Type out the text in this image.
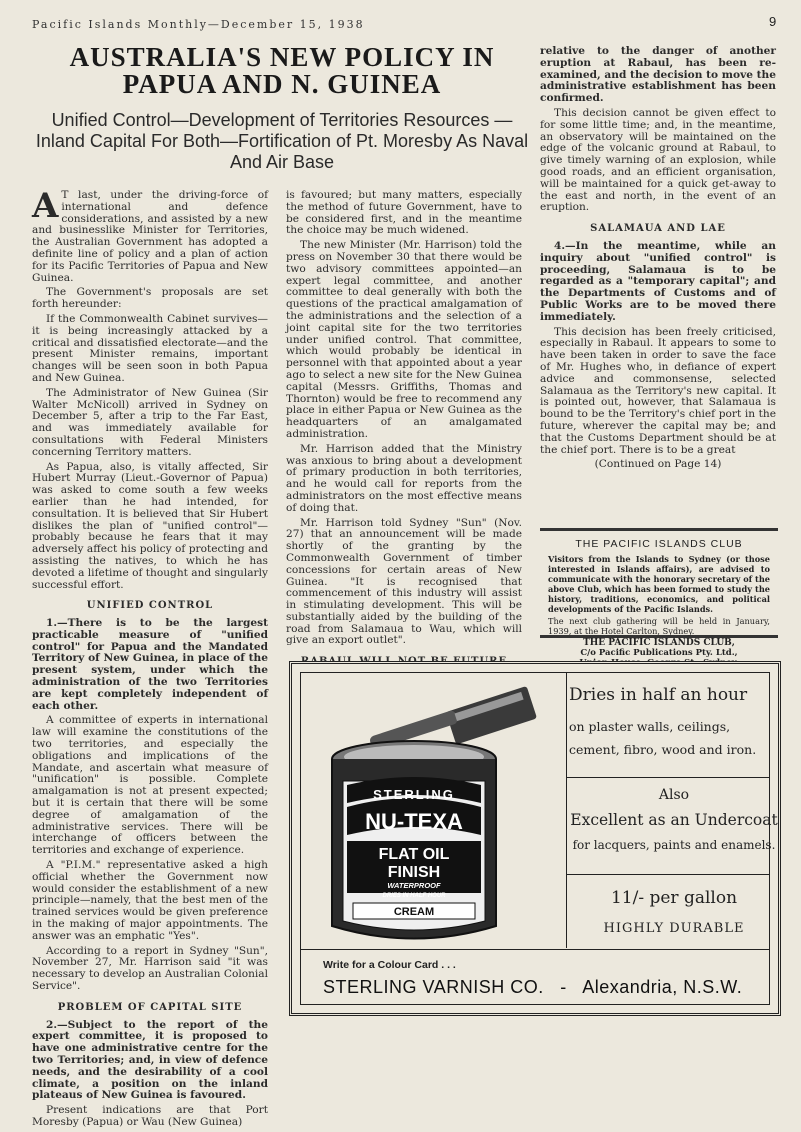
Pacific Islands Monthly—December 15, 1938	9
AUSTRALIA'S NEW POLICY IN PAPUA AND N. GUINEA
Unified Control—Development of Territories Resources —Inland Capital For Both—Fortification of Pt. Moresby As Naval And Air Base

A T last, under the driving-force of international and defence considerations, and assisted by a new and businesslike Minister for Territories, the Australian Government has adopted a definite line of policy and a plan of action for its Pacific Territories of Papua and New Guinea.

The Government's proposals are set forth hereunder:

If the Commonwealth Cabinet survives—it is being increasingly attacked by a critical and dissatisfied electorate—and the present Minister remains, important changes will be seen soon in both Papua and New Guinea.

The Administrator of New Guinea (Sir Walter McNicoll) arrived in Sydney on December 5, after a trip to the Far East, and was immediately available for consultations with Federal Ministers concerning Territory matters.

As Papua, also, is vitally affected, Sir Hubert Murray (Lieut.-Governor of Papua) was asked to come south a few weeks earlier than he had intended, for consultation. It is believed that Sir Hubert dislikes the plan of "unified control"—probably because he fears that it may adversely affect his policy of protecting and assisting the natives, to which he has devoted a lifetime of thought and singularly successful effort.

UNIFIED CONTROL

1.—There is to be the largest practicable measure of "unified control" for Papua and the Mandated Territory of New Guinea, in place of the present system, under which the administration of the two Territories are kept completely independent of each other.

A committee of experts in international law will examine the constitutions of the two territories, and especially the obligations and implications of the Mandate, and ascertain what measure of "unification" is possible. Complete amalgamation is not at present expected; but it is certain that there will be some degree of amalgamation of the administrative services. There will be interchange of officers between the territories and exchange of experience.

A "P.I.M." representative asked a high official whether the Government now would consider the establishment of a new principle—namely, that the best men of the trained services would be given preference in the making of major appointments. The answer was an emphatic "Yes".

According to a report in Sydney "Sun", November 27, Mr. Harrison said "it was necessary to develop an Australian Colonial Service".

PROBLEM OF CAPITAL SITE

2.—Subject to the report of the expert committee, it is proposed to have one administrative centre for the two Territories; and, in view of defence needs, and the desirability of a cool climate, a position on the inland plateaus of New Guinea is favoured.

Present indications are that Port Moresby (Papua) or Wau (New Guinea)

is favoured; but many matters, especially the method of future Government, have to be considered first, and in the meantime the choice may be much widened.

The new Minister (Mr. Harrison) told the press on November 30 that there would be two advisory committees appointed—an expert legal committee, and another committee to deal generally with both the questions of the practical amalgamation of the administrations and the selection of a joint capital site for the two territories under unified control. That committee, which would probably be identical in personnel with that appointed about a year ago to select a new site for the New Guinea capital (Messrs. Griffiths, Thomas and Thornton) would be free to recommend any place in either Papua or New Guinea as the headquarters of an amalgamated administration.

Mr. Harrison added that the Ministry was anxious to bring about a development of primary production in both territories, and he would call for reports from the administrators on the most effective means of doing that.

Mr. Harrison told Sydney "Sun" (Nov. 27) that an announcement will be made shortly of the granting by the Commonwealth Government of timber concessions for certain areas of New Guinea. "It is recognised that commencement of this industry will assist in stimulating development. This will be substantially aided by the building of the road from Salamaua to Wau, which will give an export outlet".

relative to the danger of another eruption at Rabaul, has been re-examined, and the decision to move the administrative establishment has been confirmed.

This decision cannot be given effect to for some little time; and, in the meantime, an observatory will be maintained on the edge of the volcanic ground at Rabaul, to give timely warning of an explosion, while good roads, and an efficient organisation, will be maintained for a quick get-away to the east and north, in the event of an eruption.

SALAMAUA AND LAE

4.—In the meantime, while an inquiry about "unified control" is proceeding, Salamaua is to be regarded as a "temporary capital"; and the Departments of Customs and of Public Works are to be moved there immediately.

This decision has been freely criticised, especially in Rabaul. It appears to some to have been taken in order to save the face of Mr. Hughes who, in defiance of expert advice and commonsense, selected Salamaua as the Territory's new capital. It is pointed out, however, that Salamaua is bound to be the Territory's chief port in the future, wherever the capital may be; and that the Customs Department should be at the chief port. There is to be a great

(Continued on Page 14)

THE PACIFIC ISLANDS CLUB
Visitors from the Islands to Sydney (or those interested in Islands affairs), are advised to communicate with the honorary secretary of the above Club, which has been formed to study the history, traditions, economics, and political developments of the Pacific Islands.
The next club gathering will be held in January, 1939, at the Hotel Carlton, Sydney.
THE PACIFIC ISLANDS CLUB,
C/o Pacific Publications Pty. Ltd.,
STERLING
NU-TEXA
FLAT OIL
FINISH
WATERPROOF
DRIES IN HALF HOUR
CREAM
Dries in half an hour
on plaster walls, ceilings, cement, fibro, wood and iron.
Also
Excellent as an Undercoat
for lacquers, paints and enamels.
11/- per gallon
HIGHLY DURABLE
Write for a Colour Card . . .
STERLING VARNISH CO.   -   Alexandria, N.S.W.
